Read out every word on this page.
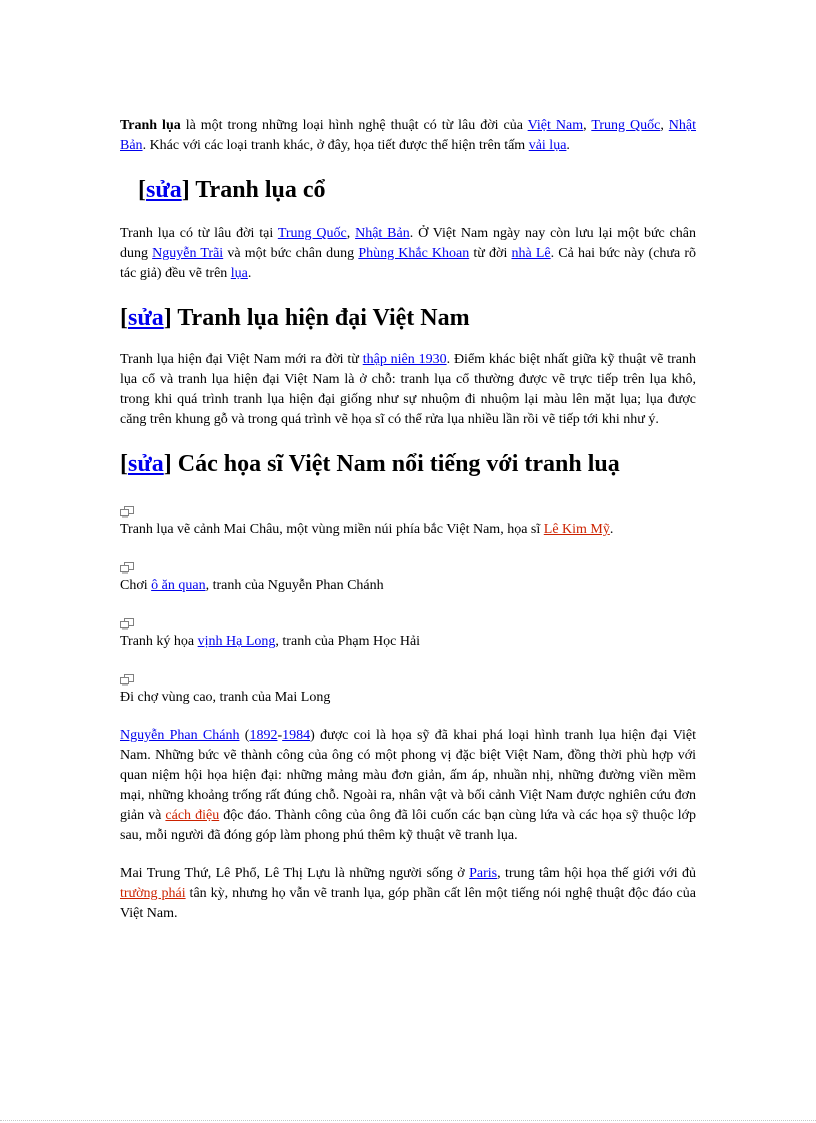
Tranh lụa là một trong những loại hình nghệ thuật có từ lâu đời của Việt Nam, Trung Quốc, Nhật Bản. Khác với các loại tranh khác, ở đây, họa tiết được thể hiện trên tấm vải lụa.

[sửa] Tranh lụa cổ

Tranh lụa có từ lâu đời tại Trung Quốc, Nhật Bản. Ở Việt Nam ngày nay còn lưu lại một bức chân dung Nguyễn Trãi và một bức chân dung Phùng Khắc Khoan từ đời nhà Lê. Cả hai bức này (chưa rõ tác giả) đều vẽ trên lụa.

[sửa] Tranh lụa hiện đại Việt Nam

Tranh lụa hiện đại Việt Nam mới ra đời từ thập niên 1930. Điểm khác biệt nhất giữa kỹ thuật vẽ tranh lụa cổ và tranh lụa hiện đại Việt Nam là ở chỗ: tranh lụa cổ thường được vẽ trực tiếp trên lụa khô, trong khi quá trình tranh lụa hiện đại giống như sự nhuộm đi nhuộm lại màu lên mặt lụa; lụa được căng trên khung gỗ và trong quá trình vẽ họa sĩ có thể rửa lụa nhiều lần rồi vẽ tiếp tới khi như ý.

[sửa] Các họa sĩ Việt Nam nổi tiếng với tranh luạ

Tranh lụa vẽ cảnh Mai Châu, một vùng miền núi phía bắc Việt Nam, họa sĩ Lê Kim Mỹ.

Chơi ô ăn quan, tranh của Nguyễn Phan Chánh

Tranh ký họa vịnh Hạ Long, tranh của Phạm Học Hải

Đi chợ vùng cao, tranh của Mai Long

Nguyễn Phan Chánh (1892-1984) được coi là họa sỹ đã khai phá loại hình tranh lụa hiện đại Việt Nam. Những bức vẽ thành công của ông có một phong vị đặc biệt Việt Nam, đồng thời phù hợp với quan niệm hội họa hiện đại: những mảng màu đơn giản, ấm áp, nhuần nhị, những đường viền mềm mại, những khoảng trống rất đúng chỗ. Ngoài ra, nhân vật và bối cảnh Việt Nam được nghiên cứu đơn giản và cách điệu độc đáo. Thành công của ông đã lôi cuốn các bạn cùng lứa và các họa sỹ thuộc lớp sau, mỗi người đã đóng góp làm phong phú thêm kỹ thuật vẽ tranh lụa.

Mai Trung Thứ, Lê Phổ, Lê Thị Lựu là những người sống ở Paris, trung tâm hội họa thế giới với đủ trường phái tân kỳ, nhưng họ vẫn vẽ tranh lụa, góp phần cất lên một tiếng nói nghệ thuật độc đáo của Việt Nam.
